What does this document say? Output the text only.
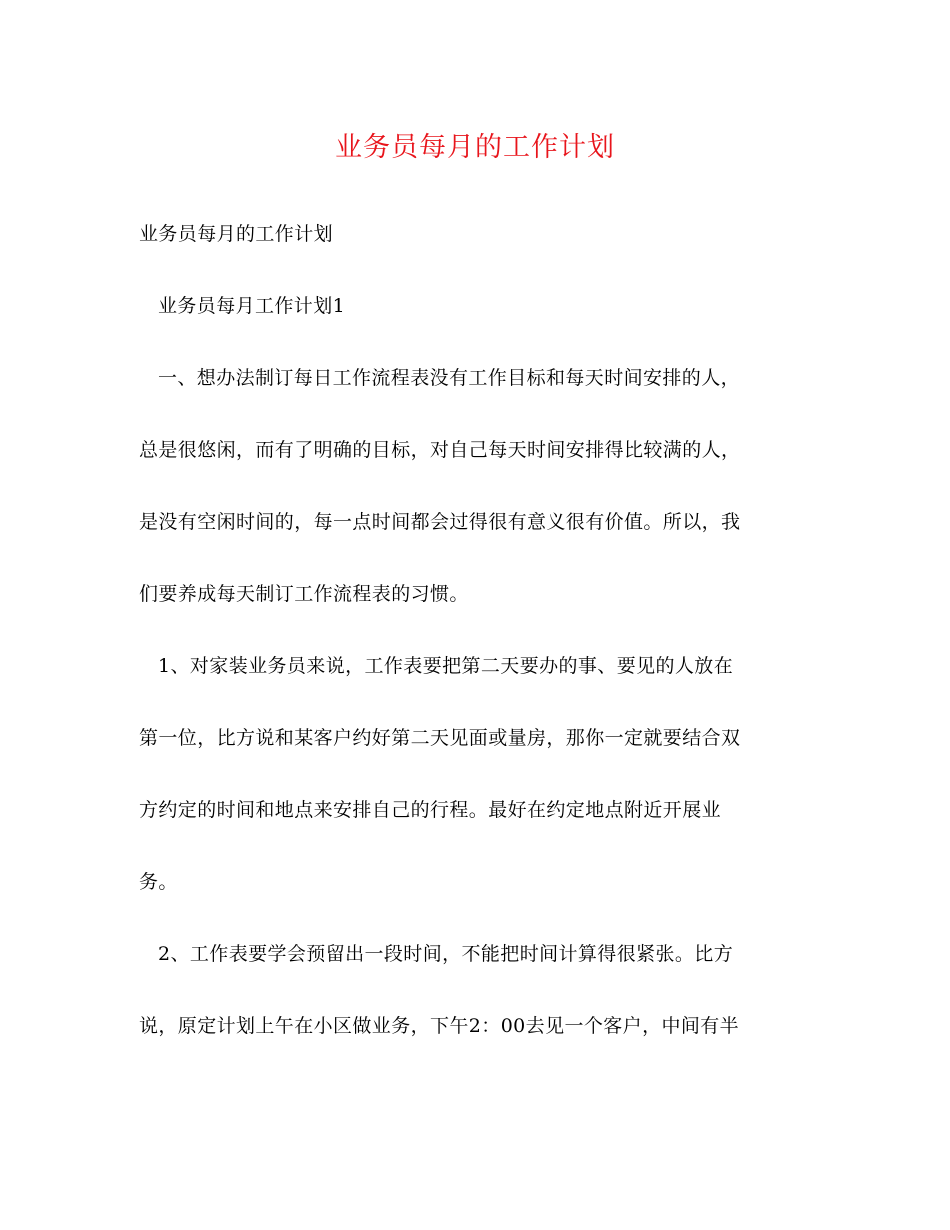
业务员每月的工作计划
业务员每月的工作计划
业务员每月工作计划1
一、想办法制订每日工作流程表没有工作目标和每天时间安排的人，
总是很悠闲，而有了明确的目标，对自己每天时间安排得比较满的人，
是没有空闲时间的，每一点时间都会过得很有意义很有价值。所以，我
们要养成每天制订工作流程表的习惯。
1、对家装业务员来说，工作表要把第二天要办的事、要见的人放在
第一位，比方说和某客户约好第二天见面或量房，那你一定就要结合双
方约定的时间和地点来安排自己的行程。最好在约定地点附近开展业
务。
2、工作表要学会预留出一段时间，不能把时间计算得很紧张。比方
说，原定计划上午在小区做业务，下午2：00去见一个客户，中间有半
